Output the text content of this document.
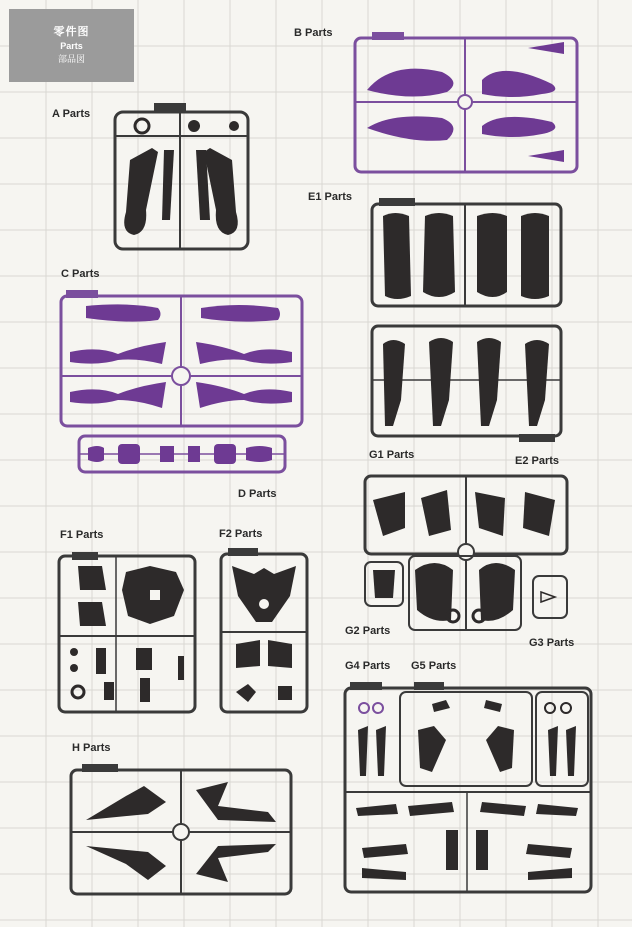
零件图
Parts
部品図
A Parts
B Parts
C Parts
D Parts
E1 Parts
E2 Parts
F1 Parts	F2 Parts
G1 Parts
G2 Parts
G3 Parts
G4 Parts G5 Parts
H Parts
